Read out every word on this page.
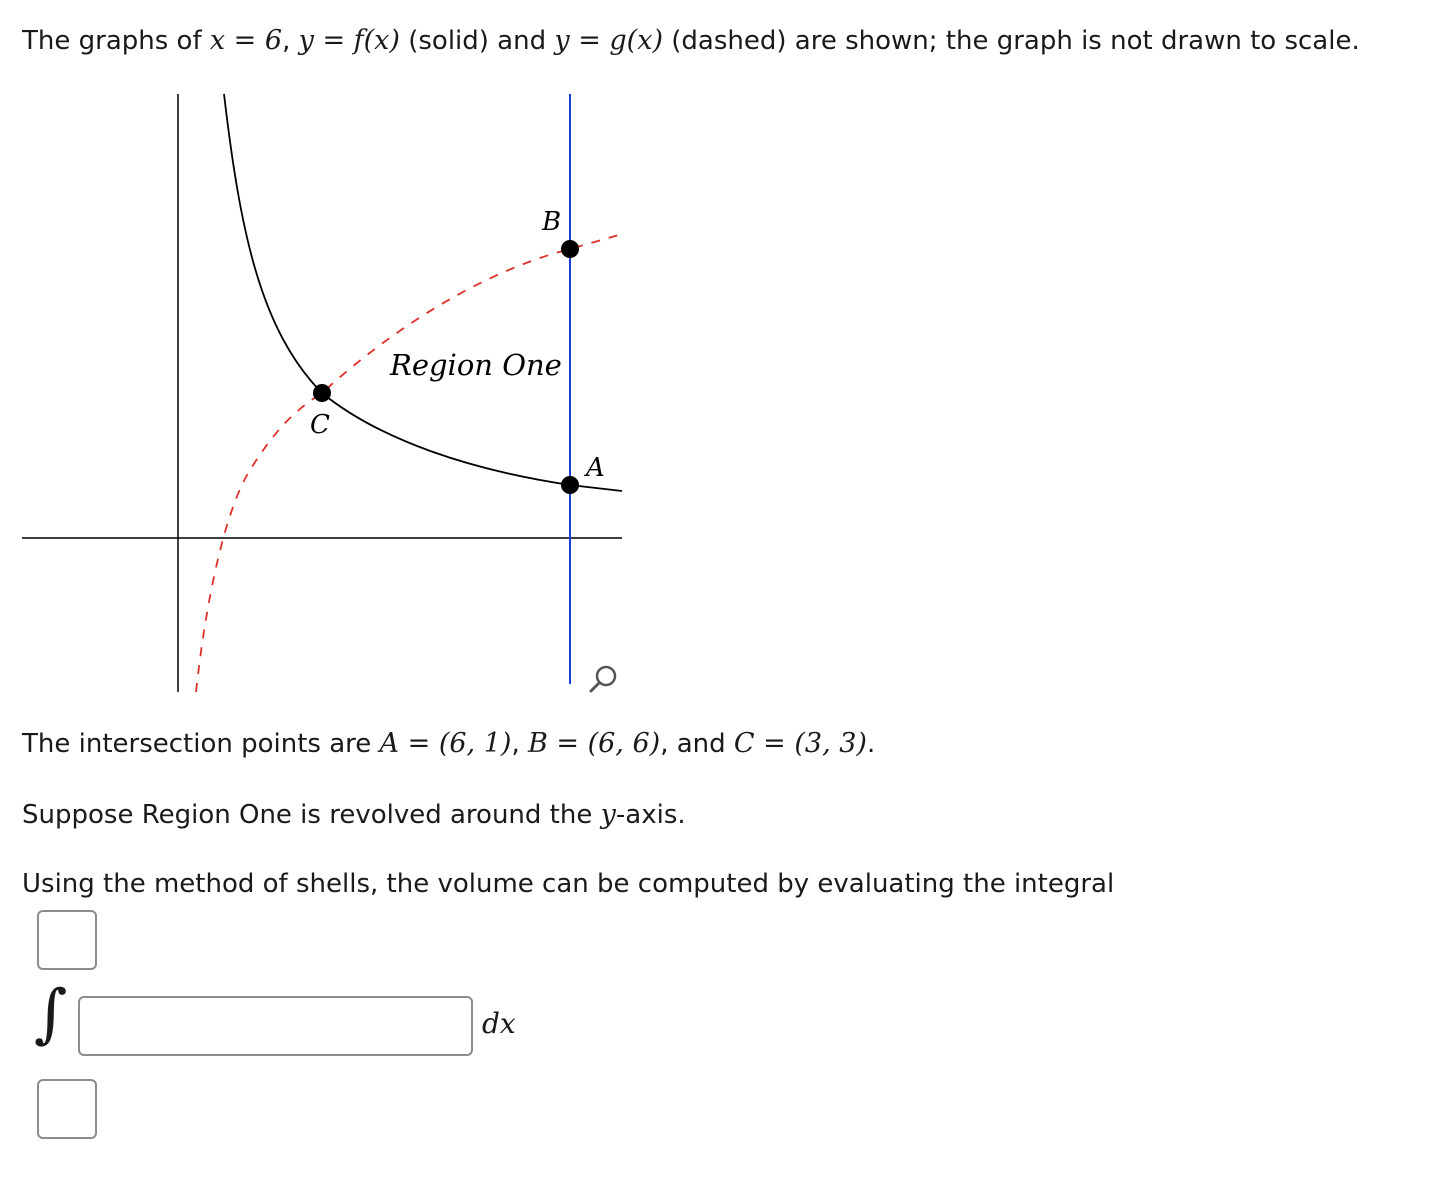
The graphs of x = 6, y = f(x) (solid) and y = g(x) (dashed) are shown; the graph is not drawn to scale.
B
C
A
Region One
The intersection points are A = (6, 1), B = (6, 6), and C = (3, 3).
Suppose Region One is revolved around the y-axis.
Using the method of shells, the volume can be computed by evaluating the integral
∫	dx
